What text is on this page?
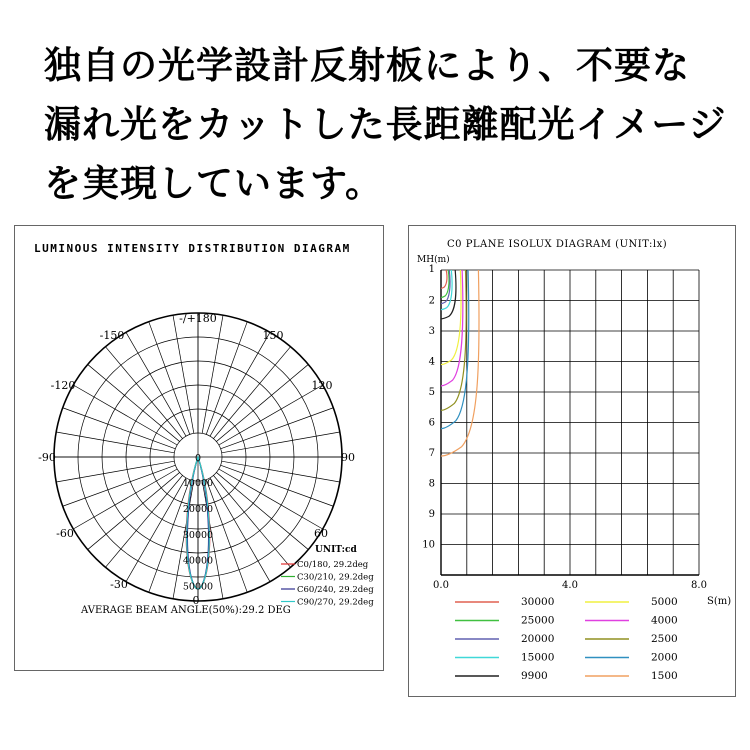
独自の光学設計反射板により、不要な
漏れ光をカットした長距離配光イメージ
を実現しています。
LUMINOUS INTENSITY DISTRIBUTION DIAGRAM
-/+180
-150	150
-120	120
-90	90
-60	60
-30
0
0
10000
20000
30000
40000
50000
UNIT:cd
C0/180, 29.2deg
C30/210, 29.2deg
C60/240, 29.2deg
C90/270, 29.2deg
AVERAGE BEAM ANGLE(50%):29.2 DEG
C0 PLANE ISOLUX DIAGRAM (UNIT:lx)
MH(m)
S(m)
1
2
3
4
5
6
7
8
9
10
0.0	4.0	8.0
30000
25000
20000
15000
9900
5000
4000
2500
2000
1500
